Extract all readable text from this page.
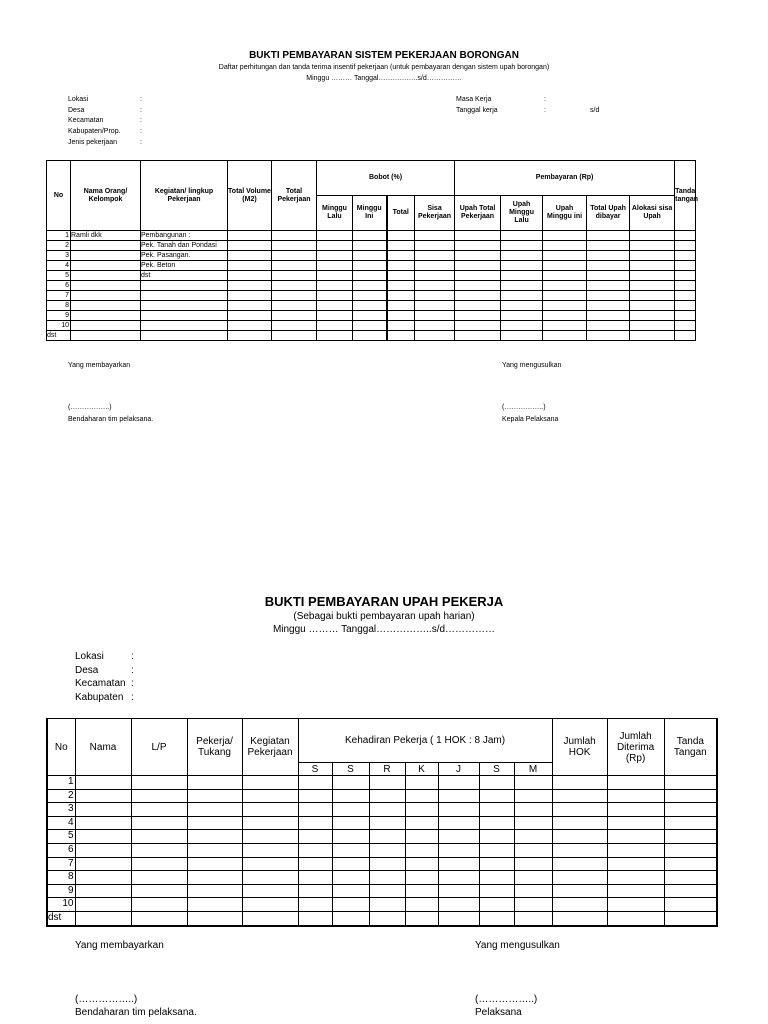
BUKTI PEMBAYARAN SISTEM PEKERJAAN BORONGAN
Daftar perhitungan dan tanda terima insentif pekerjaan (untuk pembayaran dengan sistem upah borongan)
Minggu ……… Tanggal……………..s/d……………
Lokasi	:
Desa	:
Kecamatan	:
Kabupaten/Prop.	:
Jenis pekerjaan	:
Masa Kerja	:
Tanggal kerja	:	s/d
No	Nama Orang/ Kelompok	Kegiatan/ lingkup Pekerjaan	Total Volume (M2)	Total Pekerjaan	Bobot (%)				Pembayaran (Rp)					Tanda tangan
					Minggu Lalu	Minggu Ini	Total	Sisa Pekerjaan	Upah Total Pekerjaan	Upah Minggu Lalu	Upah Minggu ini	Total Upah dibayar	Alokasi sisa Upah	
1	Ramli dkk	Pembangunan :												
2		Pek. Tanah dan Pondasi												
3		Pek. Pasangan.												
4		Pek. Beton												
5		dst												
6														
7														
8														
9														
10														
dst														
Yang membayarkan
(……………..)
Bendaharan tim pelaksana.
Yang mengusulkan
(……………..)
Kepala Pelaksana
BUKTI PEMBAYARAN UPAH PEKERJA
(Sebagai bukti pembayaran upah harian)
Minggu ……… Tanggal……………..s/d……………
Lokasi	:
Desa	:
Kecamatan :
Kabupaten :
No	Nama	L/P	Pekerja/ Tukang	Kegiatan Pekerjaan	Kehadiran Pekerja ( 1 HOK : 8 Jam)							Jumlah HOK	Jumlah Diterima (Rp)	Tanda Tangan
					S	S	R	K	J	S	M			
1														
2														
3														
4														
5														
6														
7														
8														
9														
10														
dst														
Yang membayarkan
(……………..)
Bendaharan tim pelaksana.
Yang mengusulkan
(……………..)
Pelaksana
